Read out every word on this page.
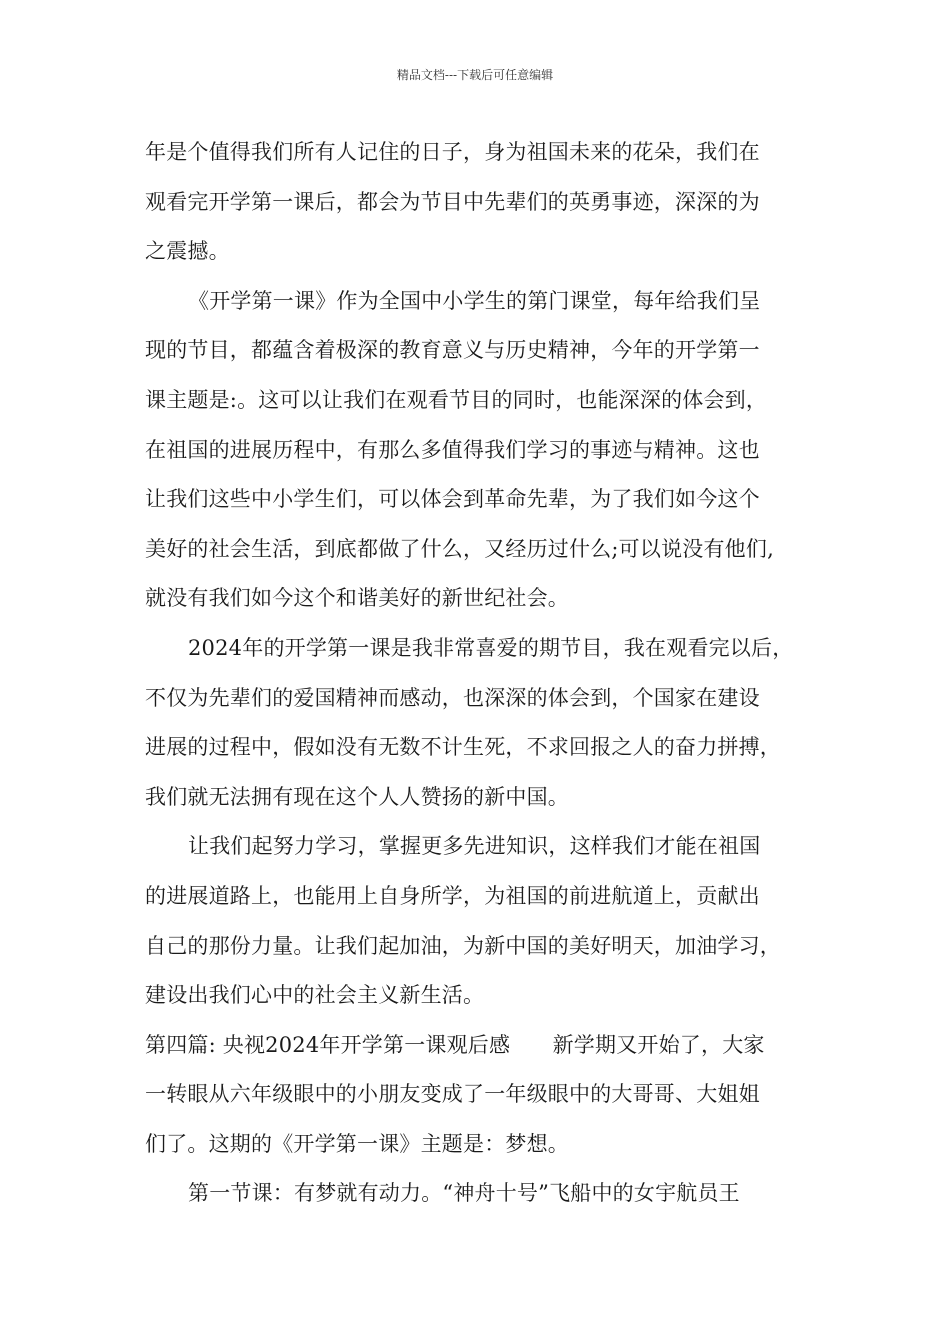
精品文档---下载后可任意编辑
年是个值得我们所有人记住的日子，身为祖国未来的花朵，我们在
观看完开学第一课后，都会为节目中先辈们的英勇事迹，深深的为
之震撼。
《开学第一课》作为全国中小学生的第门课堂，每年给我们呈
现的节目，都蕴含着极深的教育意义与历史精神，今年的开学第一
课主题是:。这可以让我们在观看节目的同时，也能深深的体会到，
在祖国的进展历程中，有那么多值得我们学习的事迹与精神。这也
让我们这些中小学生们，可以体会到革命先辈，为了我们如今这个
美好的社会生活，到底都做了什么，又经历过什么;可以说没有他们,
就没有我们如今这个和谐美好的新世纪社会。
2024年的开学第一课是我非常喜爱的期节目，我在观看完以后，
不仅为先辈们的爱国精神而感动，也深深的体会到，个国家在建设
进展的过程中，假如没有无数不计生死，不求回报之人的奋力拼搏，
我们就无法拥有现在这个人人赞扬的新中国。
让我们起努力学习，掌握更多先进知识，这样我们才能在祖国
的进展道路上，也能用上自身所学，为祖国的前进航道上，贡献出
自己的那份力量。让我们起加油，为新中国的美好明天，加油学习，
建设出我们心中的社会主义新生活。
第四篇: 央视2024年开学第一课观后感　　新学期又开始了，大家
一转眼从六年级眼中的小朋友变成了一年级眼中的大哥哥、大姐姐
们了。这期的《开学第一课》主题是：梦想。
第一节课：有梦就有动力。“神舟十号”飞船中的女宇航员王
